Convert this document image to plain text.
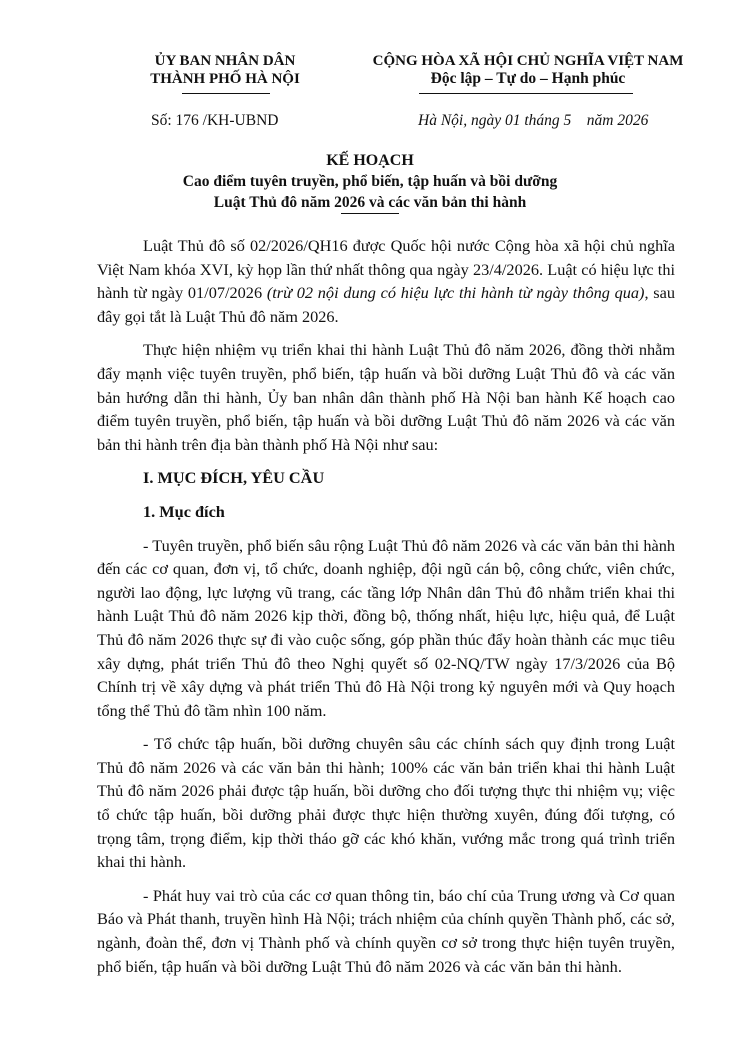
ỦY BAN NHÂN DÂN
THÀNH PHỐ HÀ NỘI
CỘNG HÒA XÃ HỘI CHỦ NGHĨA VIỆT NAM
Độc lập – Tự do – Hạnh phúc
Số: 176 /KH-UBND	Hà Nội, ngày 01 tháng 5    năm 2026
KẾ HOẠCH
Cao điểm tuyên truyền, phổ biến, tập huấn và bồi dưỡng
Luật Thủ đô năm 2026 và các văn bản thi hành

Luật Thủ đô số 02/2026/QH16 được Quốc hội nước Cộng hòa xã hội chủ nghĩa Việt Nam khóa XVI, kỳ họp lần thứ nhất thông qua ngày 23/4/2026. Luật có hiệu lực thi hành từ ngày 01/07/2026 (trừ 02 nội dung có hiệu lực thi hành từ ngày thông qua), sau đây gọi tắt là Luật Thủ đô năm 2026.

Thực hiện nhiệm vụ triển khai thi hành Luật Thủ đô năm 2026, đồng thời nhằm đẩy mạnh việc tuyên truyền, phổ biến, tập huấn và bồi dưỡng Luật Thủ đô và các văn bản hướng dẫn thi hành, Ủy ban nhân dân thành phố Hà Nội ban hành Kế hoạch cao điểm tuyên truyền, phổ biến, tập huấn và bồi dưỡng Luật Thủ đô năm 2026 và các văn bản thi hành trên địa bàn thành phố Hà Nội như sau:

I. MỤC ĐÍCH, YÊU CẦU
1. Mục đích

- Tuyên truyền, phổ biến sâu rộng Luật Thủ đô năm 2026 và các văn bản thi hành đến các cơ quan, đơn vị, tổ chức, doanh nghiệp, đội ngũ cán bộ, công chức, viên chức, người lao động, lực lượng vũ trang, các tầng lớp Nhân dân Thủ đô nhằm triển khai thi hành Luật Thủ đô năm 2026 kịp thời, đồng bộ, thống nhất, hiệu lực, hiệu quả, để Luật Thủ đô năm 2026 thực sự đi vào cuộc sống, góp phần thúc đẩy hoàn thành các mục tiêu xây dựng, phát triển Thủ đô theo Nghị quyết số 02-NQ/TW ngày 17/3/2026 của Bộ Chính trị về xây dựng và phát triển Thủ đô Hà Nội trong kỷ nguyên mới và Quy hoạch tổng thể Thủ đô tầm nhìn 100 năm.

- Tổ chức tập huấn, bồi dưỡng chuyên sâu các chính sách quy định trong Luật Thủ đô năm 2026 và các văn bản thi hành; 100% các văn bản triển khai thi hành Luật Thủ đô năm 2026 phải được tập huấn, bồi dưỡng cho đối tượng thực thi nhiệm vụ; việc tổ chức tập huấn, bồi dưỡng phải được thực hiện thường xuyên, đúng đối tượng, có trọng tâm, trọng điểm, kịp thời tháo gỡ các khó khăn, vướng mắc trong quá trình triển khai thi hành.

- Phát huy vai trò của các cơ quan thông tin, báo chí của Trung ương và Cơ quan Báo và Phát thanh, truyền hình Hà Nội; trách nhiệm của chính quyền Thành phố, các sở, ngành, đoàn thể, đơn vị Thành phố và chính quyền cơ sở trong thực hiện tuyên truyền, phổ biến, tập huấn và bồi dưỡng Luật Thủ đô năm 2026 và các văn bản thi hành.
